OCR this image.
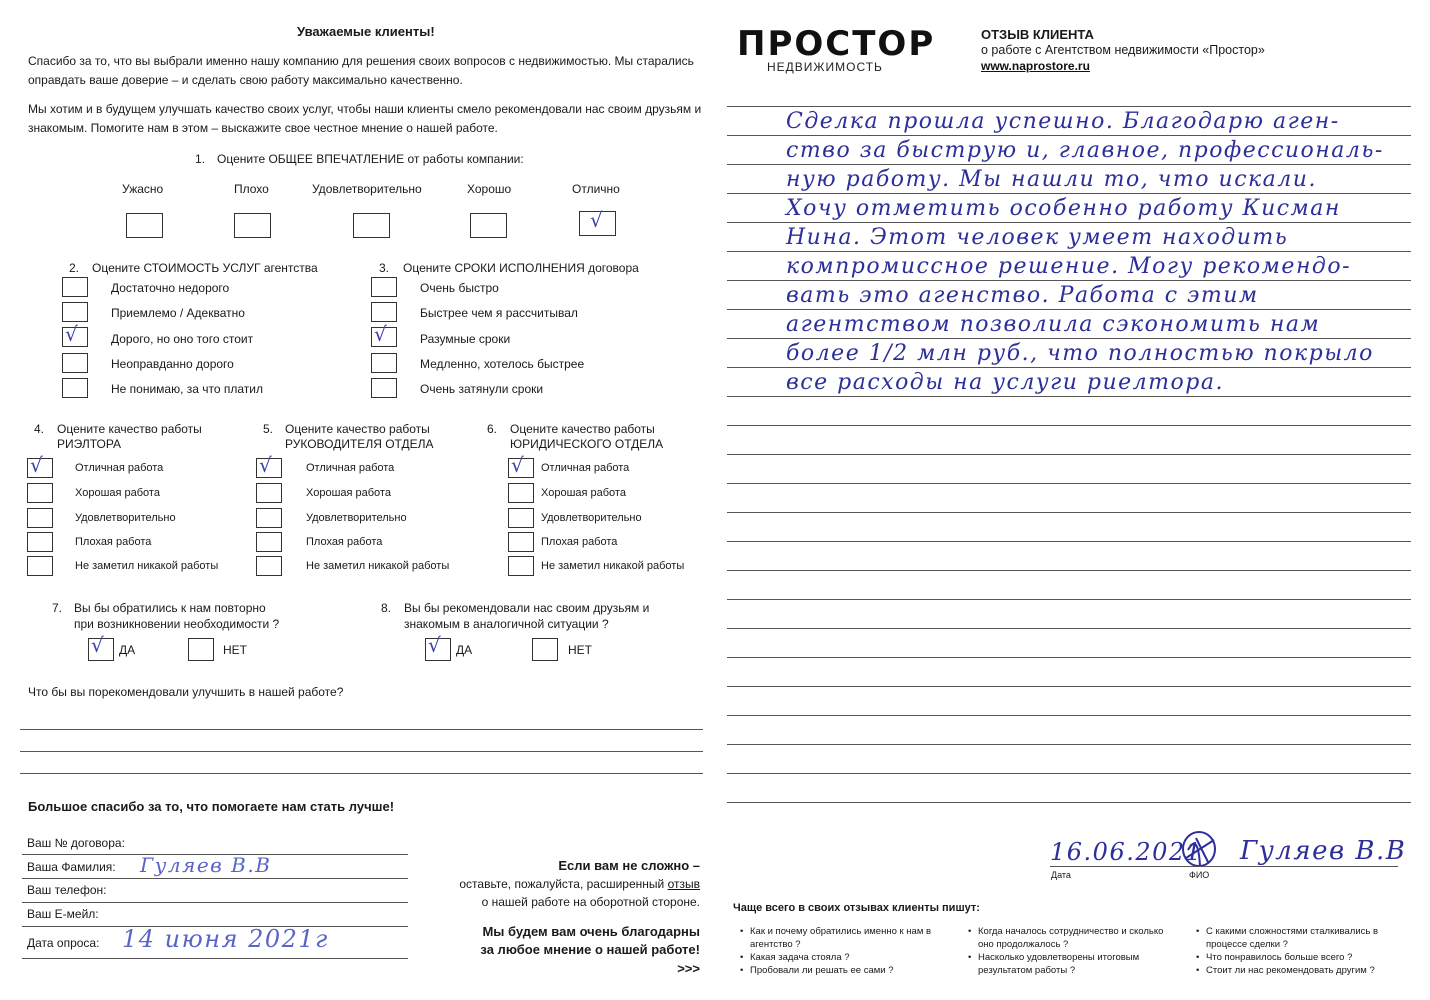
Уважаемые клиенты!
Спасибо за то, что вы выбрали именно нашу компанию для решения своих вопросов с недвижимостью. Мы старались
оправдать ваше доверие – и сделать свою работу максимально качественно.
Мы хотим и в будущем улучшать качество своих услуг, чтобы наши клиенты смело рекомендовали нас своим друзьям и
знакомым. Помогите нам в этом – выскажите свое честное мнение о нашей работе.
1. Оцените ОБЩЕЕ ВПЕЧАТЛЕНИЕ от работы компании:
Ужасно	Плохо	Удовлетворительно	Хорошо	Отлично
√
2. Оцените СТОИМОСТЬ УСЛУГ агентства
Достаточно недорого
Приемлемо / Адекватно
√	Дорого, но оно того стоит
Неоправданно дорого
Не понимаю, за что платил
3. Оцените СРОКИ ИСПОЛНЕНИЯ договора
Очень быстро
Быстрее чем я рассчитывал
√	Разумные сроки
Медленно, хотелось быстрее
Очень затянули сроки
4. Оцените качество работы
РИЭЛТОРА
√	Отличная работа
Хорошая работа
Удовлетворительно
Плохая работа
Не заметил никакой работы
5. Оцените качество работы
РУКОВОДИТЕЛЯ ОТДЕЛА
√	Отличная работа
Хорошая работа
Удовлетворительно
Плохая работа
Не заметил никакой работы
6. Оцените качество работы
ЮРИДИЧЕСКОГО ОТДЕЛА
√ Отличная работа
Хорошая работа
Удовлетворительно
Плохая работа
Не заметил никакой работы
7. Вы бы обратились к нам повторно
при возникновении необходимости ?
√ ДА	НЕТ
8. Вы бы рекомендовали нас своим друзьям и
знакомым в аналогичной ситуации ?
√ ДА	НЕТ
Что бы вы порекомендовали улучшить в нашей работе?
Большое спасибо за то, что помогаете нам стать лучше!
Ваш № договора:
Ваша Фамилия: Гуляев В.В
Ваш телефон:
Ваш Е-мейл:
Дата опроса: 14 июня 2021г
Если вам не сложно –
оставьте, пожалуйста, расширенный отзыв
о нашей работе на оборотной стороне.
Мы будем вам очень благодарны
за любое мнение о нашей работе!
>>>
ПРОСТОР
НЕДВИЖИМОСТЬ
ОТЗЫВ КЛИЕНТА
о работе с Агентством недвижимости «Простор»
www.naprostore.ru
Сделка прошла успешно. Благодарю аген-
ство за быструю и, главное, профессиональ-
ную работу. Мы нашли то, что искали.
Хочу отметить особенно работу Кисман
Нина. Этот человек умеет находить
компромиссное решение. Могу рекомендо-
вать это агенство. Работа с этим
агентством позволила сэкономить нам
более 1/2 млн руб., что полностью покрыло
все расходы на услуги риелтора.
16.06.2021 Гуляев В.В
Дата	ФИО
Чаще всего в своих отзывах клиенты пишут:
• Как и почему обратились именно к нам в
агентство ?
• Какая задача стояла ?
• Пробовали ли решать ее сами ?
• Когда началось сотрудничество и сколько
оно продолжалось ?
• Насколько удовлетворены итоговым
результатом работы ?
• С какими сложностями сталкивались в
процессе сделки ?
• Что понравилось больше всего ?
• Стоит ли нас рекомендовать другим ?
